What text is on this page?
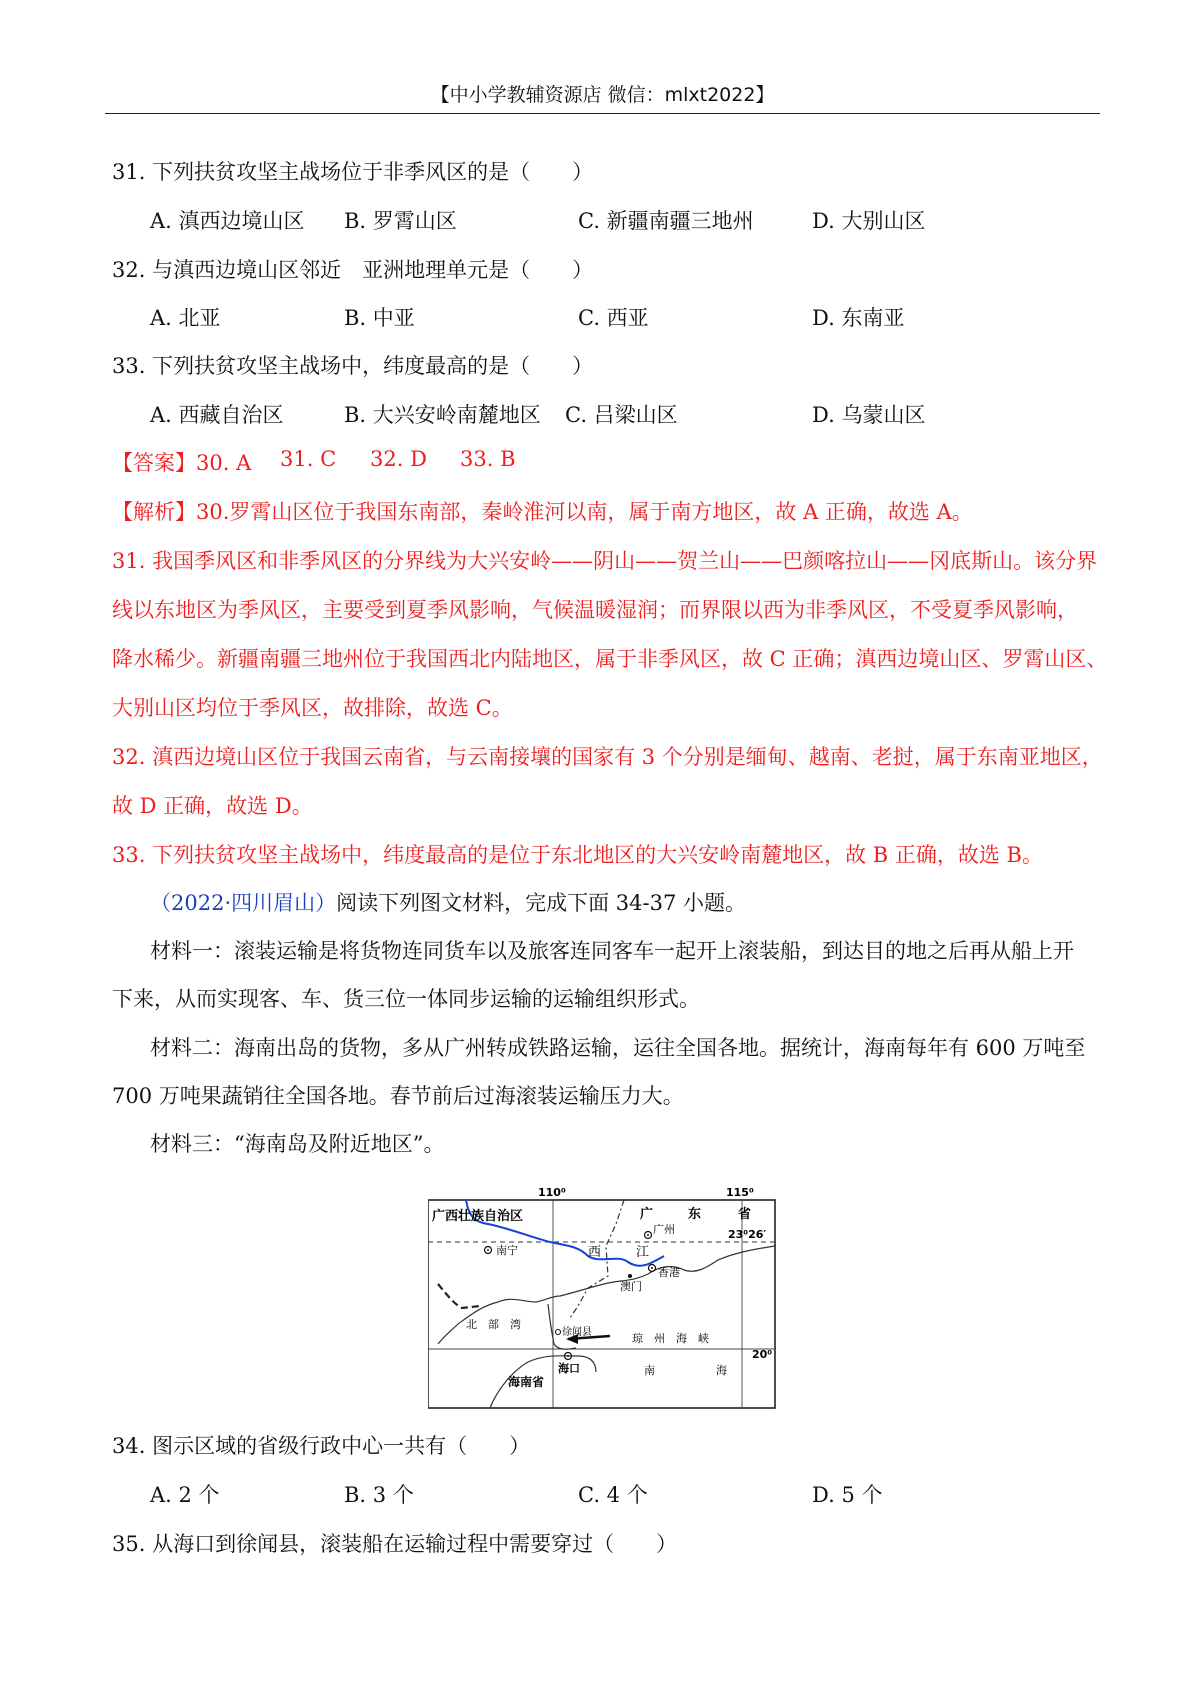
【中小学教辅资源店 微信：mlxt2022】
31. 下列扶贫攻坚主战场位于非季风区的是（　　）
A. 滇西边境山区 B. 罗霄山区	C. 新疆南疆三地州	D. 大别山区
32. 与滇西边境山区邻近　亚洲地理单元是（　　）
A. 北亚	B. 中亚	C. 西亚	D. 东南亚
33. 下列扶贫攻坚主战场中，纬度最高的是（　　）
A. 西藏自治区	B. 大兴安岭南麓地区 C. 吕梁山区	D. 乌蒙山区
【答案】30. A 31. C 32. D 33. B
【解析】30.罗霄山区位于我国东南部，秦岭淮河以南，属于南方地区，故 A 正确，故选 A。
31. 我国季风区和非季风区的分界线为大兴安岭——阴山——贺兰山——巴颜喀拉山——冈底斯山。该分界
线以东地区为季风区，主要受到夏季风影响，气候温暖湿润；而界限以西为非季风区，不受夏季风影响，
降水稀少。新疆南疆三地州位于我国西北内陆地区，属于非季风区，故 C 正确；滇西边境山区、罗霄山区、
大别山区均位于季风区，故排除，故选 C。
32. 滇西边境山区位于我国云南省，与云南接壤的国家有 3 个分别是缅甸、越南、老挝，属于东南亚地区，
故 D 正确，故选 D。
33. 下列扶贫攻坚主战场中，纬度最高的是位于东北地区的大兴安岭南麓地区，故 B 正确，故选 B。
（2022·四川眉山）阅读下列图文材料，完成下面 34-37 小题。
材料一：滚装运输是将货物连同货车以及旅客连同客车一起开上滚装船，到达目的地之后再从船上开
下来，从而实现客、车、货三位一体同步运输的运输组织形式。
材料二：海南出岛的货物，多从广州转成铁路运输，运往全国各地。据统计，海南每年有 600 万吨至
700 万吨果蔬销往全国各地。春节前后过海滚装运输压力大。
材料三：“海南岛及附近地区”。
110⁰	115⁰
23⁰26′
20⁰
广西壮族自治区	广	东	省
南宁
广州
西	江
香港
澳门
北　部　湾
徐闻县	琼　州　海　峡
海口
海南省
南	海
34. 图示区域的省级行政中心一共有（　　）
A. 2 个	B. 3 个	C. 4 个	D. 5 个
35. 从海口到徐闻县，滚装船在运输过程中需要穿过（　　）
